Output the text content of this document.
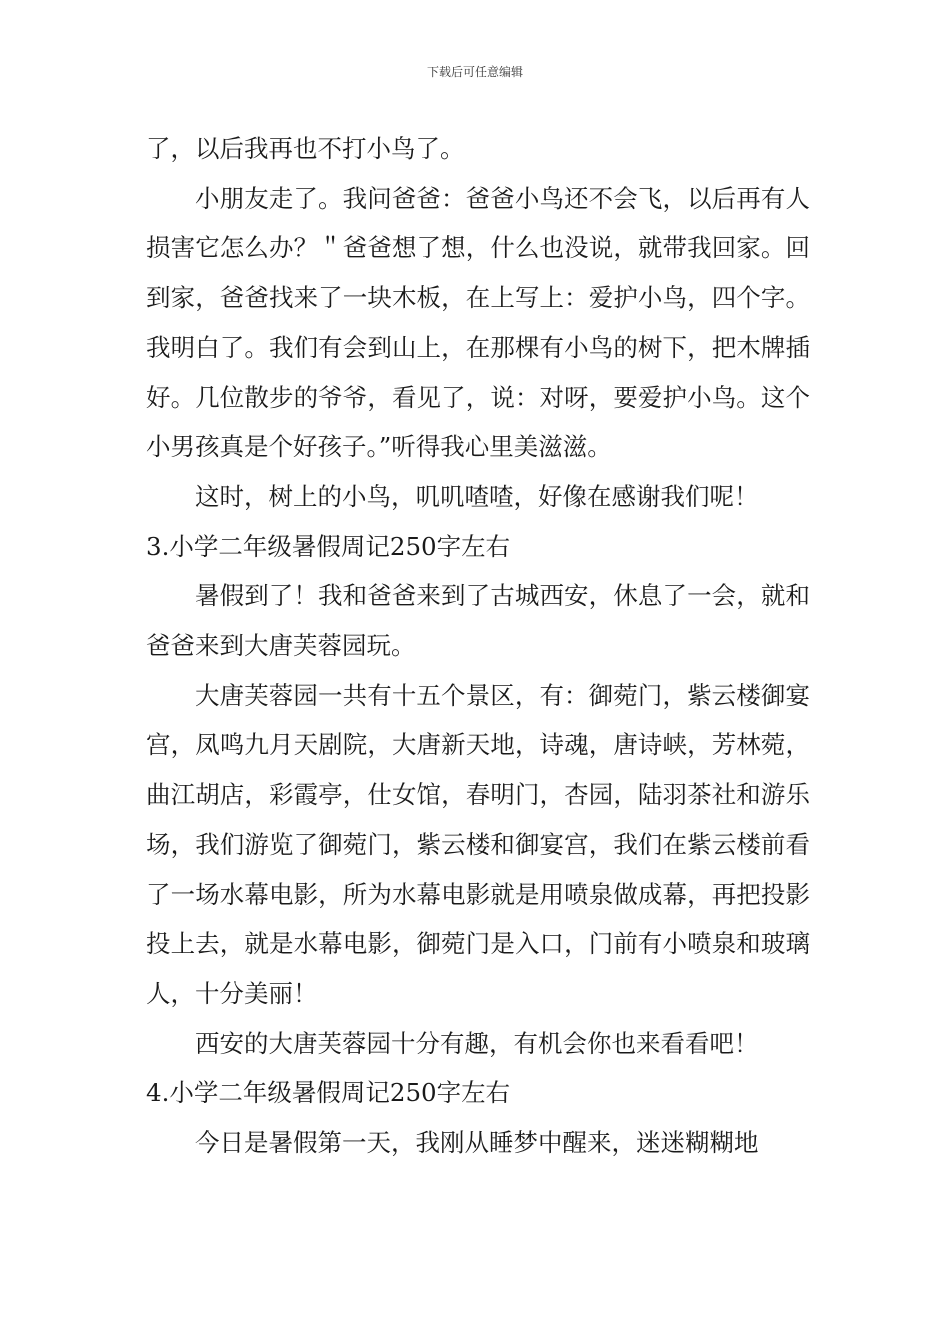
下载后可任意编辑

了，以后我再也不打小鸟了。

小朋友走了。我问爸爸：爸爸小鸟还不会飞，以后再有人损害它怎么办？＂爸爸想了想，什么也没说，就带我回家。回到家，爸爸找来了一块木板，在上写上：爱护小鸟，四个字。我明白了。我们有会到山上，在那棵有小鸟的树下，把木牌插好。几位散步的爷爷，看见了，说：对呀，要爱护小鸟。这个小男孩真是个好孩子。”听得我心里美滋滋。

这时，树上的小鸟，叽叽喳喳，好像在感谢我们呢！

3.小学二年级暑假周记250字左右

暑假到了！我和爸爸来到了古城西安，休息了一会，就和爸爸来到大唐芙蓉园玩。

大唐芙蓉园一共有十五个景区，有：御菀门，紫云楼御宴宫，凤鸣九月天剧院，大唐新天地，诗魂，唐诗峡，芳林菀，曲江胡店，彩霞亭，仕女馆，春明门，杏园，陆羽茶社和游乐场，我们游览了御菀门，紫云楼和御宴宫，我们在紫云楼前看了一场水幕电影，所为水幕电影就是用喷泉做成幕，再把投影投上去，就是水幕电影，御菀门是入口，门前有小喷泉和玻璃人，十分美丽！

西安的大唐芙蓉园十分有趣，有机会你也来看看吧！

4.小学二年级暑假周记250字左右

今日是暑假第一天，我刚从睡梦中醒来，迷迷糊糊地
